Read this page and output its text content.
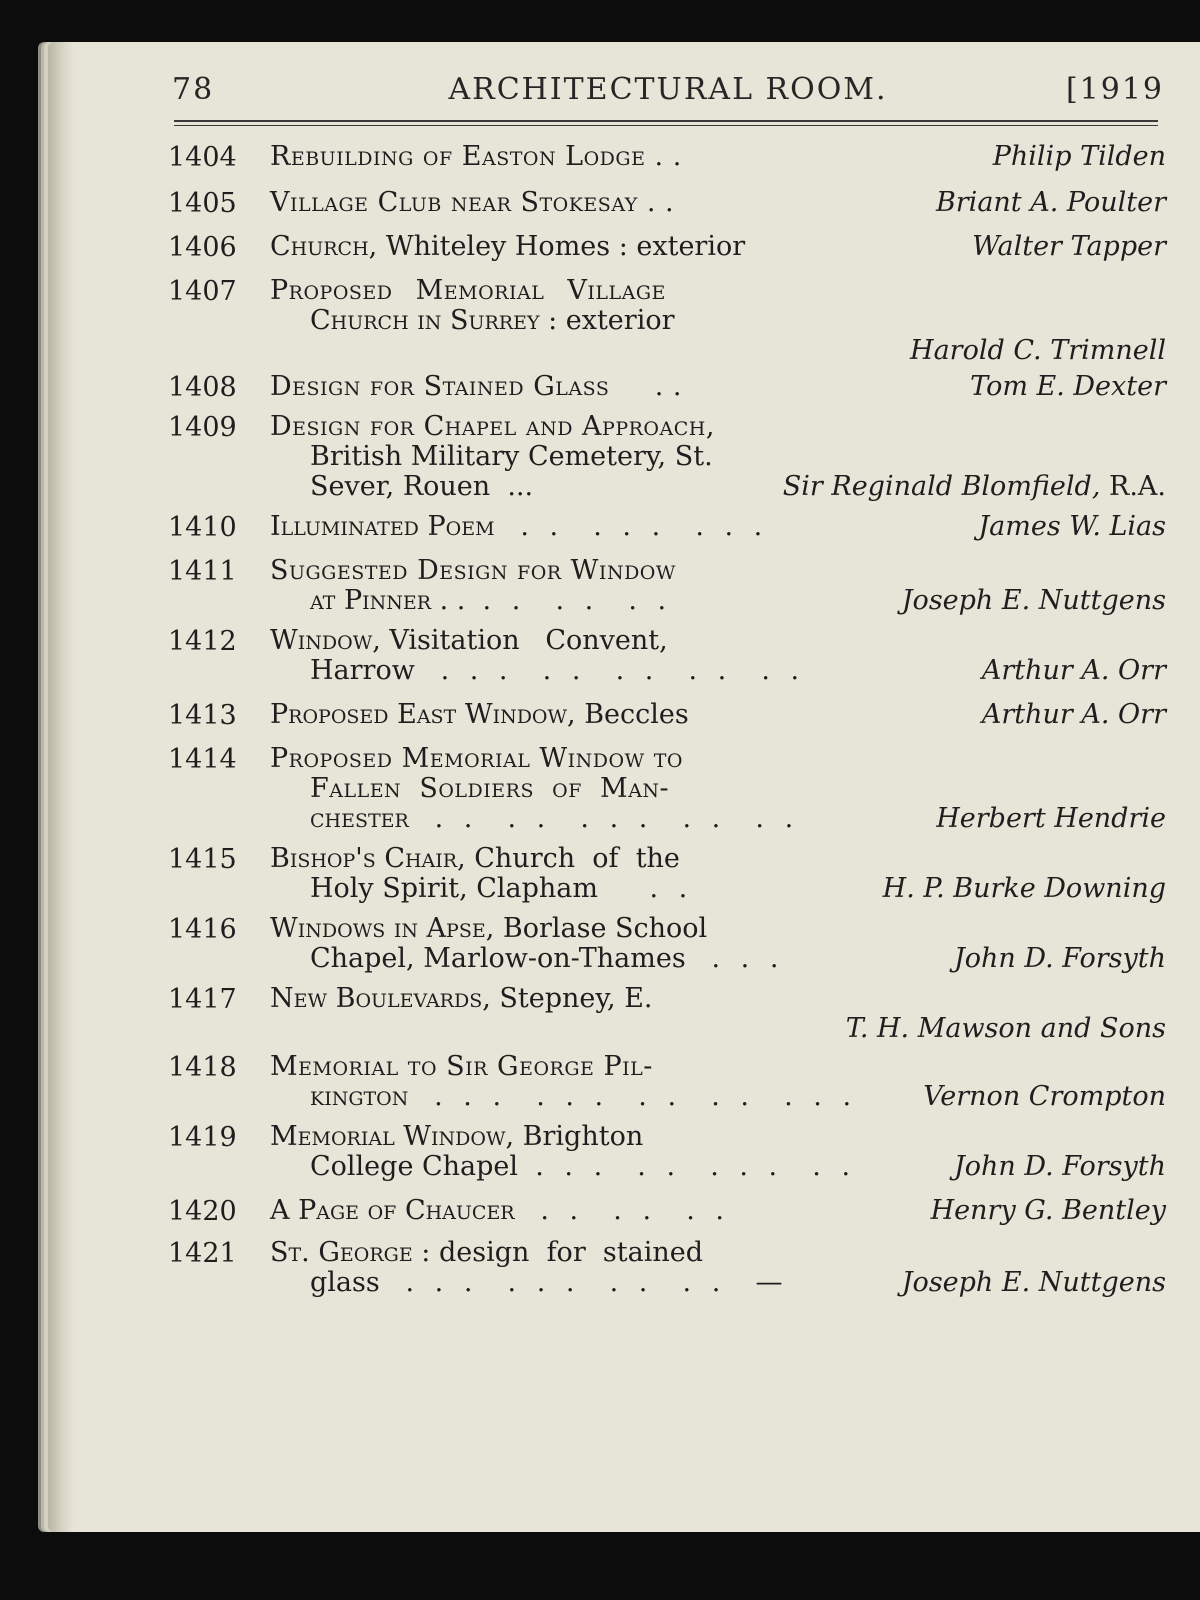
78	ARCHITECTURAL ROOM.	[1919
1404 Rebuilding of Easton Lodge . .	Philip Tilden
1405 Village Club near Stokesay . .	Briant A. Poulter
1406 Church, Whiteley Homes : exterior	Walter Tapper
1407 Proposed Memorial Village
Church in Surrey : exterior
Harold C. Trimnell
1408 Design for Stained Glass     . .	Tom E. Dexter
1409 Design for Chapel and Approach,
British Military Cemetery, St.
Sever, Rouen  ...	Sir Reginald Blomfield, R.A.
1410 Illuminated Poem . .  . . .  . . .	James W. Lias
1411 Suggested Design for Window
at Pinner . . . .  . .  . .	Joseph E. Nuttgens
1412 Window, Visitation   Convent,
Harrow . . .  . .  . .  . .  . .	Arthur A. Orr
1413 Proposed East Window, Beccles	Arthur A. Orr
1414 Proposed Memorial Window to
Fallen  Soldiers  of  Man-
chester . .  . .  . . .  . .  . .	Herbert Hendrie
1415 Bishop's Chair, Church  of  the
Holy Spirit, Clapham . .	H. P. Burke Downing
1416 Windows in Apse, Borlase School
Chapel, Marlow-on-Thames . . .	John D. Forsyth
1417 New Boulevards, Stepney, E.
T. H. Mawson and Sons
1418 Memorial to Sir George Pil-
kington . . .  . . .  . .  . .  . . . Vernon Crompton
1419 Memorial Window, Brighton
College Chapel . . .  . .  . . .  . .	John D. Forsyth
1420 A Page of Chaucer . .  . .  . .	Henry G. Bentley
1421 St. George : design  for  stained
glass . . .  . . .  . .  . .  —	Joseph E. Nuttgens
